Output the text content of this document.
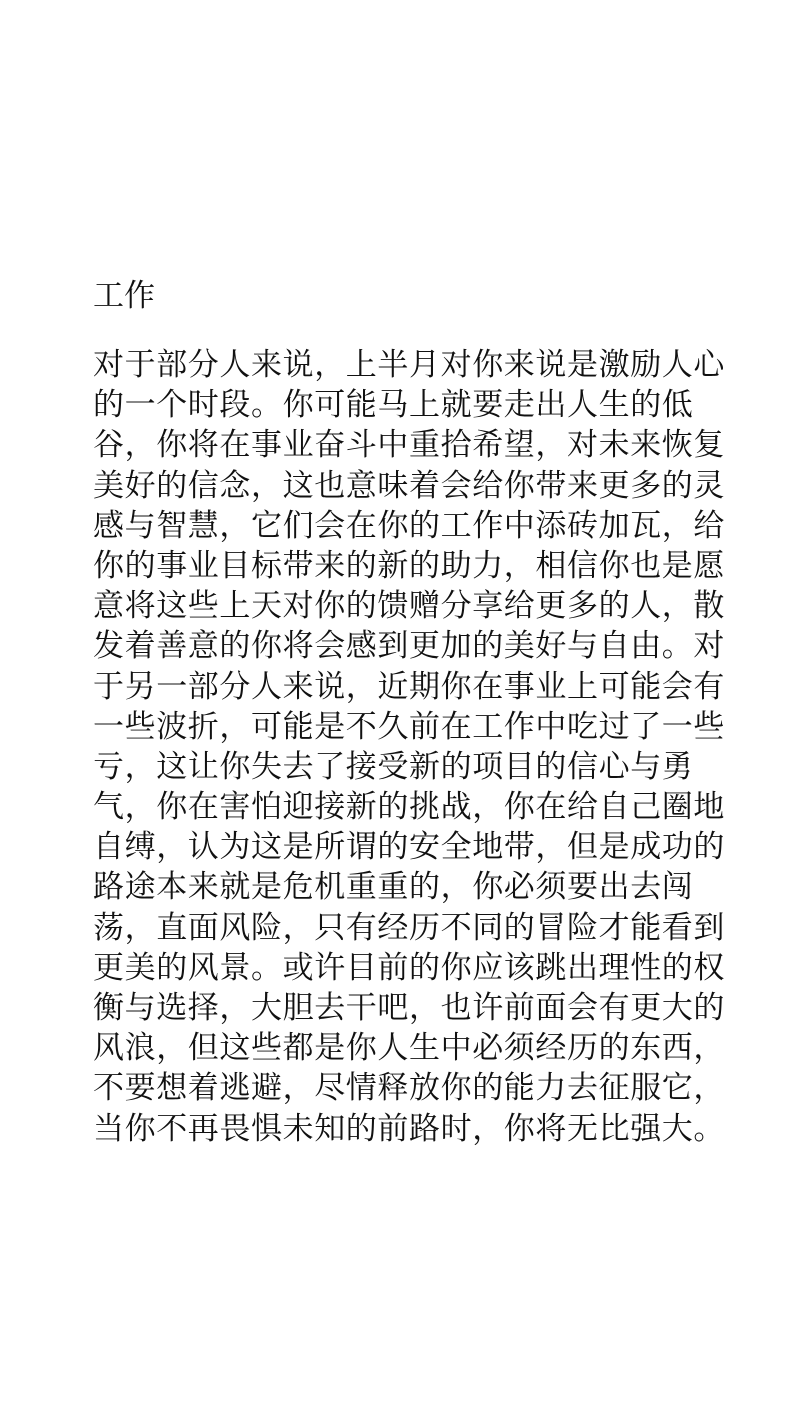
工作
对于部分人来说，上半月对你来说是激励人心
的一个时段。你可能马上就要走出人生的低
谷，你将在事业奋斗中重拾希望，对未来恢复
美好的信念，这也意味着会给你带来更多的灵
感与智慧，它们会在你的工作中添砖加瓦，给
你的事业目标带来的新的助力，相信你也是愿
意将这些上天对你的馈赠分享给更多的人，散
发着善意的你将会感到更加的美好与自由。对
于另一部分人来说，近期你在事业上可能会有
一些波折，可能是不久前在工作中吃过了一些
亏，这让你失去了接受新的项目的信心与勇
气，你在害怕迎接新的挑战，你在给自己圈地
自缚，认为这是所谓的安全地带，但是成功的
路途本来就是危机重重的，你必须要出去闯
荡，直面风险，只有经历不同的冒险才能看到
更美的风景。或许目前的你应该跳出理性的权
衡与选择，大胆去干吧，也许前面会有更大的
风浪，但这些都是你人生中必须经历的东西，
不要想着逃避，尽情释放你的能力去征服它，
当你不再畏惧未知的前路时，你将无比强大。
